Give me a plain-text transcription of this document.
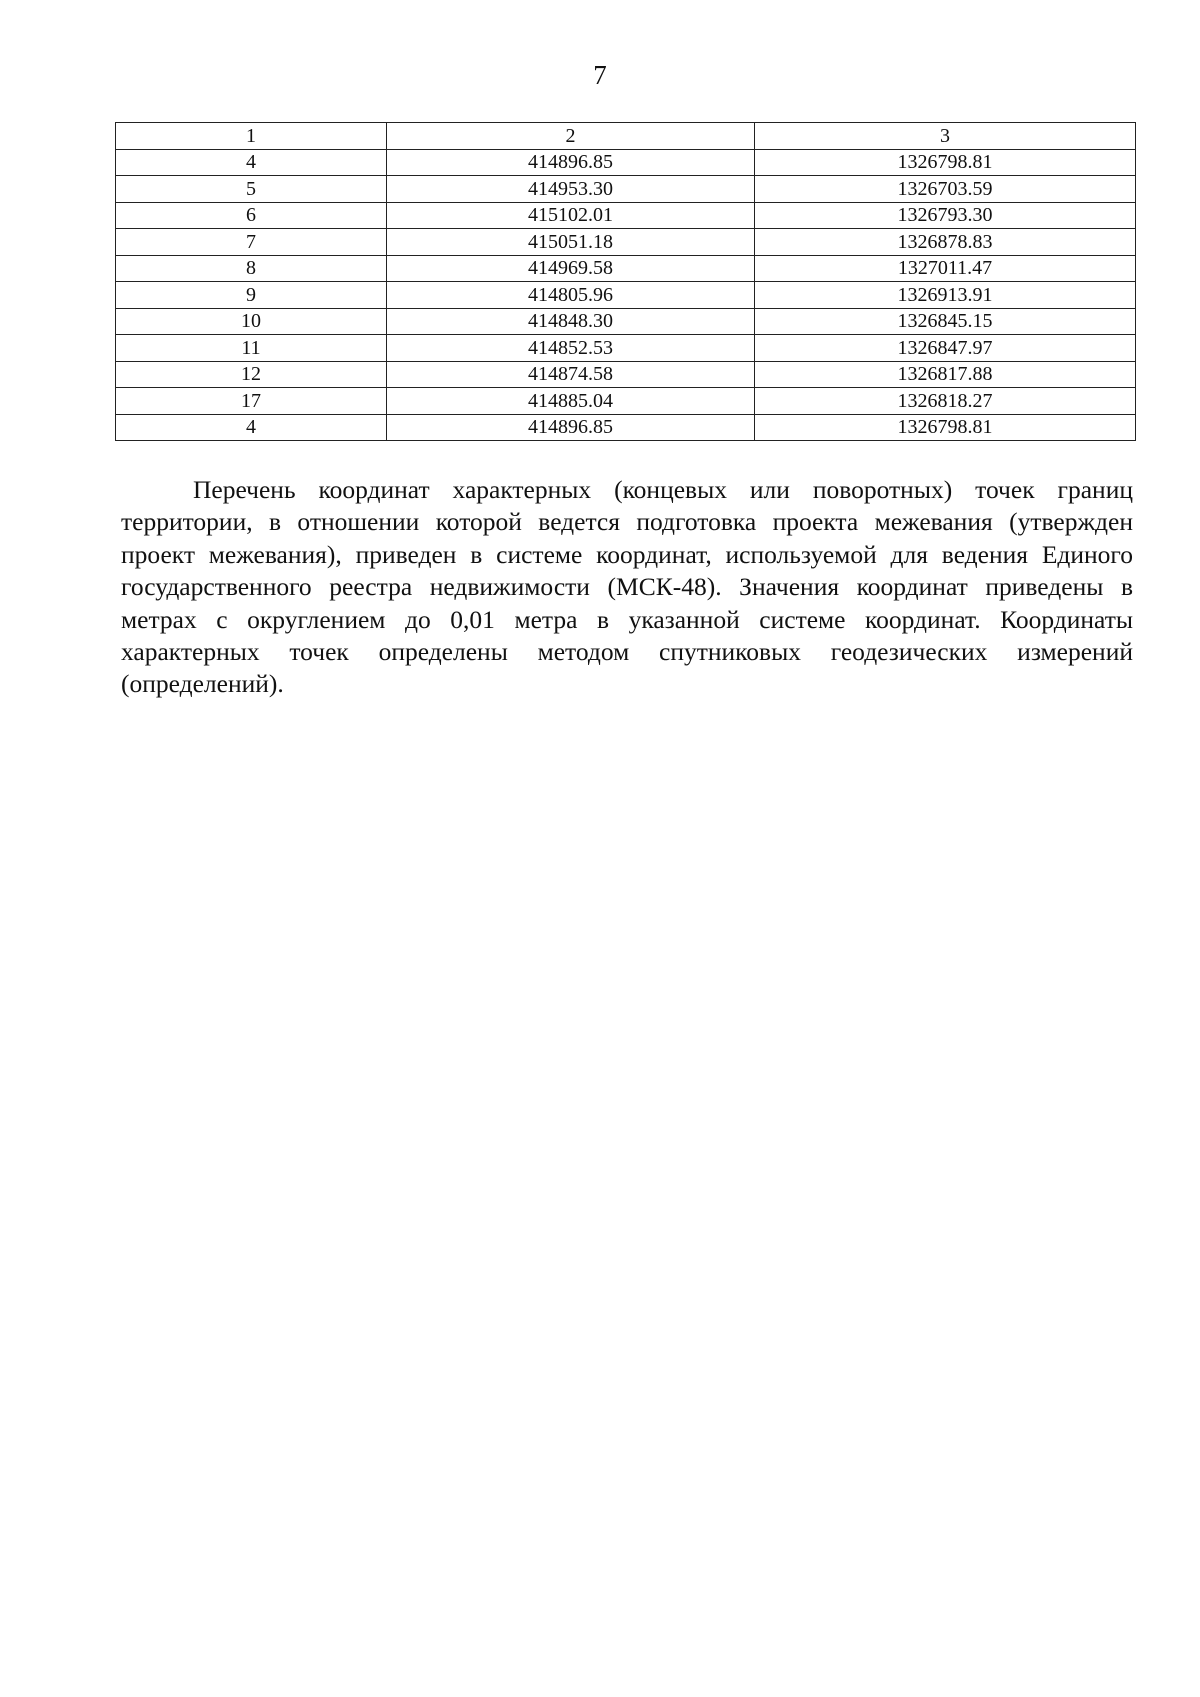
7
1	2	3
4	414896.85	1326798.81
5	414953.30	1326703.59
6	415102.01	1326793.30
7	415051.18	1326878.83
8	414969.58	1327011.47
9	414805.96	1326913.91
10	414848.30	1326845.15
11	414852.53	1326847.97
12	414874.58	1326817.88
17	414885.04	1326818.27
4	414896.85	1326798.81

Перечень координат характерных (концевых или поворотных) точек границ территории, в отношении которой ведется подготовка проекта межевания (утвержден проект межевания), приведен в системе координат, используемой для ведения Единого государственного реестра недвижимости (МСК-48). Значения координат приведены в метрах с округлением до 0,01 метра в указанной системе координат. Координаты характерных точек определены методом спутниковых геодезических измерений (определений).
